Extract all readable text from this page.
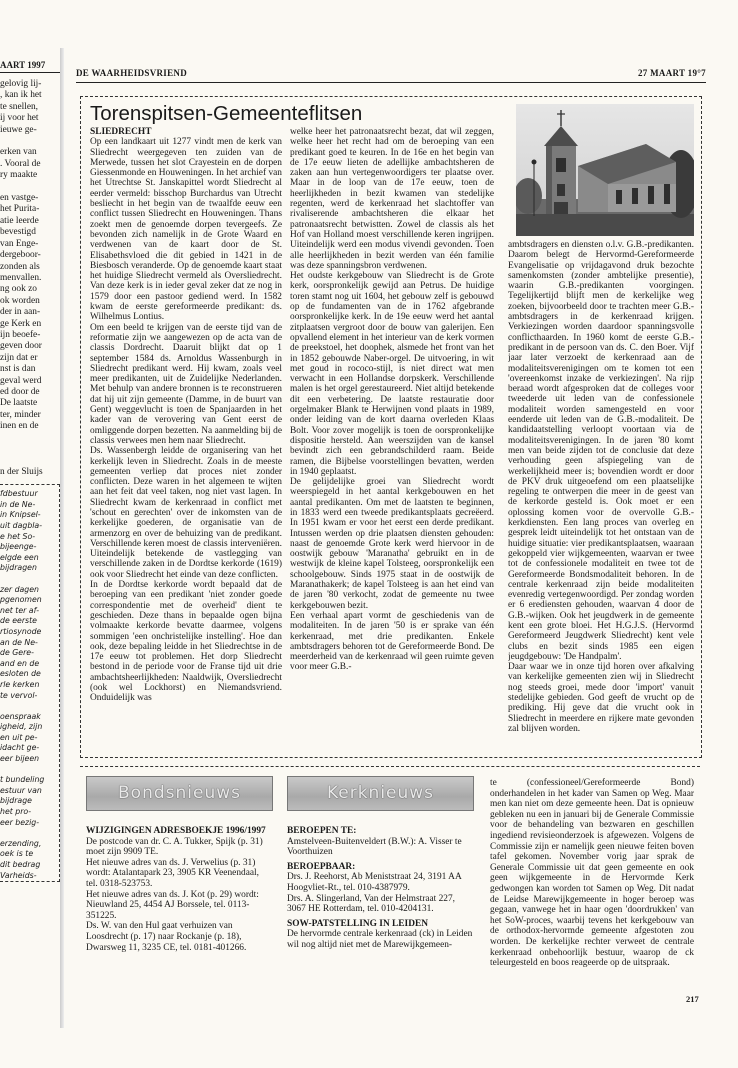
AART 1997

gelovig lij-

, kan ik het

te snellen,

ij voor het

ieuwe ge-

erken van

. Vooral de

ry maakte

en vastge-

het Purita-

atie leerde

bevestigd

van Enge-

dergeboor-

zonden als

menvallen.

ng ook zo

ok worden

der in aan-

ge Kerk en

ijn beoefe-

geven door

zijn dat er

nst is dan

geval werd

ed door de

De laatste

ter, minder

inen en de

n der Sluijs

fdbestuur

in de Ne-

in Knipsel-

uit dagbla-

e het So-

bijeenge-

elgde een

bijdragen

zer dagen

pgenomen

net ter af-

de eerste

rtiosynode

an de Ne-

de Gere-

and en de

esloten de

rle kerken

te vervol-

oenspraak

igheid, zijn

en uit pe-

idacht ge-

eer bijeen

t bundeling

estuur van

bijdrage

het pro-

eer bezig-

erzending,

oek is te

dit bedrag

Varheids-

DE WAARHEIDSVRIEND	27 MAART 19°7
Torenspitsen-Gemeenteflitsen

SLIEDRECHT

Op een landkaart uit 1277 vindt men de kerk van Sliedrecht weergegeven ten zuiden van de Merwede, tussen het slot Crayestein en de dorpen Giessenmonde en Houweningen. In het archief van het Utrechtse St. Janskapittel wordt Sliedrecht al eerder vermeld: bisschop Burchardus van Utrecht besliecht in het begin van de twaalfde eeuw een conflict tussen Sliedrecht en Houweningen. Thans zoekt men de genoemde dorpen tevergeefs. Ze bevonden zich namelijk in de Grote Waard en verdwenen van de kaart door de St. Elisabethsvloed die dit gebied in 1421 in de Biesbosch veranderde. Op de genoemde kaart staat het huidige Sliedrecht vermeld als Oversliedrecht. Van deze kerk is in ieder geval zeker dat ze nog in 1579 door een pastoor gediend werd. In 1582 kwam de eerste gereformeerde predikant: ds. Wilhelmus Lontius.

Om een beeld te krijgen van de eerste tijd van de reformatie zijn we aangewezen op de acta van de classis Dordrecht. Daaruit blijkt dat op 1 september 1584 ds. Arnoldus Wassenburgh in Sliedrecht predikant werd. Hij kwam, zoals veel meer predikanten, uit de Zuidelijke Nederlanden. Met behulp van andere bronnen is te reconstrueren dat hij uit zijn gemeente (Damme, in de buurt van Gent) weggevlucht is toen de Spanjaarden in het kader van de verovering van Gent eerst de omliggende dorpen bezetten. Na aanmelding bij de classis verwees men hem naar Sliedrecht.

Ds. Wassenbergh leidde de organisering van het kerkelijk leven in Sliedrecht. Zoals in de meeste gemeenten verliep dat proces niet zonder conflicten. Deze waren in het algemeen te wijten aan het feit dat veel taken, nog niet vast lagen. In Sliedrecht kwam de kerkenraad in conflict met 'schout en gerechten' over de inkomsten van de kerkelijke goederen, de organisatie van de armenzorg en over de behuizing van de predikant. Verschillende keren moest de classis interveniëren. Uiteindelijk betekende de vastlegging van verschillende zaken in de Dordtse kerkorde (1619) ook voor Sliedrecht het einde van deze conflicten.

In de Dordtse kerkorde wordt bepaald dat de beroeping van een predikant 'niet zonder goede correspondentie met de overheid' dient te geschieden. Deze thans in bepaalde ogen bijna volmaakte kerkorde bevatte daarmee, volgens sommigen 'een onchristelijke instelling'. Hoe dan ook, deze bepaling leidde in het Sliedrechtse in de 17e eeuw tot problemen. Het dorp Sliedrecht bestond in de periode voor de Franse tijd uit drie ambachtsheerlijkheden: Naaldwijk, Oversliedrecht (ook wel Lockhorst) en Niemandsvriend. Onduidelijk was

welke heer het patronaatsrecht bezat, dat wil zeggen, welke heer het recht had om de beroeping van een predikant goed te keuren. In de 16e en het begin van de 17e eeuw lieten de adellijke ambachtsheren de zaken aan hun vertegenwoordigers ter plaatse over. Maar in de loop van de 17e eeuw, toen de heerlijkheden in bezit kwamen van stedelijke regenten, werd de kerkenraad het slachtoffer van rivaliserende ambachtsheren die elkaar het patronaatsrecht betwistten. Zowel de classis als het Hof van Holland moest verschillende keren ingrijpen. Uiteindelijk werd een modus vivendi gevonden. Toen alle heerlijkheden in bezit werden van één familie was deze spanningsbron verdwenen.

Het oudste kerkgebouw van Sliedrecht is de Grote kerk, oorspronkelijk gewijd aan Petrus. De huidige toren stamt nog uit 1604, het gebouw zelf is gebouwd op de fundamenten van de in 1762 afgebrande oorspronkelijke kerk. In de 19e eeuw werd het aantal zitplaatsen vergroot door de bouw van galerijen. Een opvallend element in het interieur van de kerk vormen de preekstoel, het doophek, alsmede het front van het in 1852 gebouwde Naber-orgel. De uitvoering, in wit met goud in rococo-stijl, is niet direct wat men verwacht in een Hollandse dorpskerk. Verschillende malen is het orgel gerestaureerd. Niet altijd betekende dit een verbetering. De laatste restauratie door orgelmaker Blank te Herwijnen vond plaats in 1989, onder leiding van de kort daarna overleden Klaas Bolt. Voor zover mogelijk is toen de oorspronkelijke dispositie hersteld. Aan weerszijden van de kansel bevindt zich een gebrandschilderd raam. Beide ramen, die Bijbelse voorstellingen bevatten, werden in 1940 geplaatst.

De gelijdelijke groei van Sliedrecht wordt weerspiegeld in het aantal kerkgebouwen en het aantal predikanten. Om met de laatsten te beginnen, in 1833 werd een tweede predikantsplaats gecreëerd. In 1951 kwam er voor het eerst een derde predikant. Intussen werden op drie plaatsen diensten gehouden: naast de genoemde Grote kerk werd hiervoor in de oostwijk gebouw 'Maranatha' gebruikt en in de westwijk de kleine kapel Tolsteeg, oorspronkelijk een schoolgebouw. Sinds 1975 staat in de oostwijk de Maranathakerk; de kapel Tolsteeg is aan het eind van de jaren '80 verkocht, zodat de gemeente nu twee kerkgebouwen bezit.

Een verhaal apart vormt de geschiedenis van de modaliteiten. In de jaren '50 is er sprake van één kerkenraad, met drie predikanten. Enkele ambtsdragers behoren tot de Gereformeerde Bond. De meerderheid van de kerkenraad wil geen ruimte geven voor meer G.B.-

ambtsdragers en diensten o.l.v. G.B.-predikanten. Daarom belegt de Hervormd-Gereformeerde Evangelisatie op vrijdagavond druk bezochte samenkomsten (zonder ambtelijke presentie), waarin G.B.-predikanten voorgingen. Tegelijkertijd blijft men de kerkelijke weg zoeken, bijvoorbeeld door te trachten meer G.B.-ambtsdragers in de kerkenraad krijgen. Verkiezingen worden daardoor spanningsvolle conflicthaarden. In 1960 komt de eerste G.B.-predikant in de persoon van ds. C. den Boer. Vijf jaar later verzoekt de kerkenraad aan de modaliteitsverenigingen om te komen tot een 'overeenkomst inzake de verkiezingen'. Na rijp beraad wordt afgesproken dat de colleges voor tweederde uit leden van de confessionele modaliteit worden samengesteld en voor eenderde uit leden van de G.B.-modaliteit. De kandidaatstelling verloopt voortaan via de modaliteitsverenigingen. In de jaren '80 komt men van beide zijden tot de conclusie dat deze verhouding geen afspiegeling van de werkelijkheid meer is; bovendien wordt er door de PKV druk uitgeoefend om een plaatselijke regeling te ontwerpen die meer in de geest van de kerkorde gesteld is. Ook moet er een oplossing komen voor de overvolle G.B.-kerkdiensten. Een lang proces van overleg en gesprek leidt uiteindelijk tot het ontstaan van de huidige situatie: vier predikantsplaatsen, waaraan gekoppeld vier wijkgemeenten, waarvan er twee tot de confessionele modaliteit en twee tot de Gereformeerde Bondsmodaliteit behoren. In de centrale kerkenraad zijn beide modaliteiten evenredig vertegenwoordigd. Per zondag worden er 6 erediensten gehouden, waarvan 4 door de G.B.-wijken. Ook het jeugdwerk in de gemeente kent een grote bloei. Het H.G.J.S. (Hervormd Gereformeerd Jeugdwerk Sliedrecht) kent vele clubs en bezit sinds 1985 een eigen jeugdgebouw: 'De Handpalm'.

Daar waar we in onze tijd horen over afkalving van kerkelijke gemeenten zien wij in Sliedrecht nog steeds groei, mede door 'import' vanuit stedelijke gebieden. God geeft de vrucht op de prediking. Hij geve dat die vrucht ook in Sliedrecht in meerdere en rijkere mate gevonden zal blijven worden.

Bondsnieuws	Kerknieuws

WIJZIGINGEN ADRESBOEKJE 1996/1997

De postcode van dr. C. A. Tukker, Spijk (p. 31) moet zijn 9909 TE.

Het nieuwe adres van ds. J. Verwelius (p. 31) wordt: Atalantapark 23, 3905 KR Veenendaal, tel. 0318-523753.

Het nieuwe adres van ds. J. Kot (p. 29) wordt: Nieuwland 25, 4454 AJ Borssele, tel. 0113-351225.

Ds. W. van den Hul gaat verhuizen van Loosdrecht (p. 17) naar Rockanje (p. 18), Dwarsweg 11, 3235 CE, tel. 0181-401266.

BEROEPEN TE:

Amstelveen-Buitenveldert (B.W.): A. Visser te Voorthuizen

BEROEPBAAR:

Drs. J. Reehorst, Ab Menіststraat 24, 3191 AA Hoogvliet-Rt., tel. 010-4387979.

Drs. A. Slingerland, Van der Helmstraat 227, 3067 HE Rotterdam, tel. 010-4204131.

SOW-PATSTELLING IN LEIDEN

De hervormde centrale kerkenraad (ck) in Leiden wil nog altijd niet met de Marewijkgemeen-

te (confessioneel/Gereformeerde Bond) onderhandelen in het kader van Samen op Weg. Maar men kan niet om deze gemeente heen. Dat is opnieuw gebleken nu een in januari bij de Generale Commissie voor de behandeling van bezwaren en geschillen ingediend revisieonderzoek is afgewezen. Volgens de Commissie zijn er namelijk geen nieuwe feiten boven tafel gekomen. November vorig jaar sprak de Generale Commissie uit dat geen gemeente en ook geen wijkgemeente in de Hervormde Kerk gedwongen kan worden tot Samen op Weg. Dit nadat de Leidse Marewijkgemeente in hoger beroep was gegaan, vanwege het in haar ogen 'doordrukken' van het SoW-proces, waarbij tevens het kerkgebouw van de orthodox-hervormde gemeente afgestoten zou worden. De kerkelijke rechter verweet de centrale kerkenraad onbehoorlijk bestuur, waarop de ck teleurgesteld en boos reageerde op de uitspraak.

217
